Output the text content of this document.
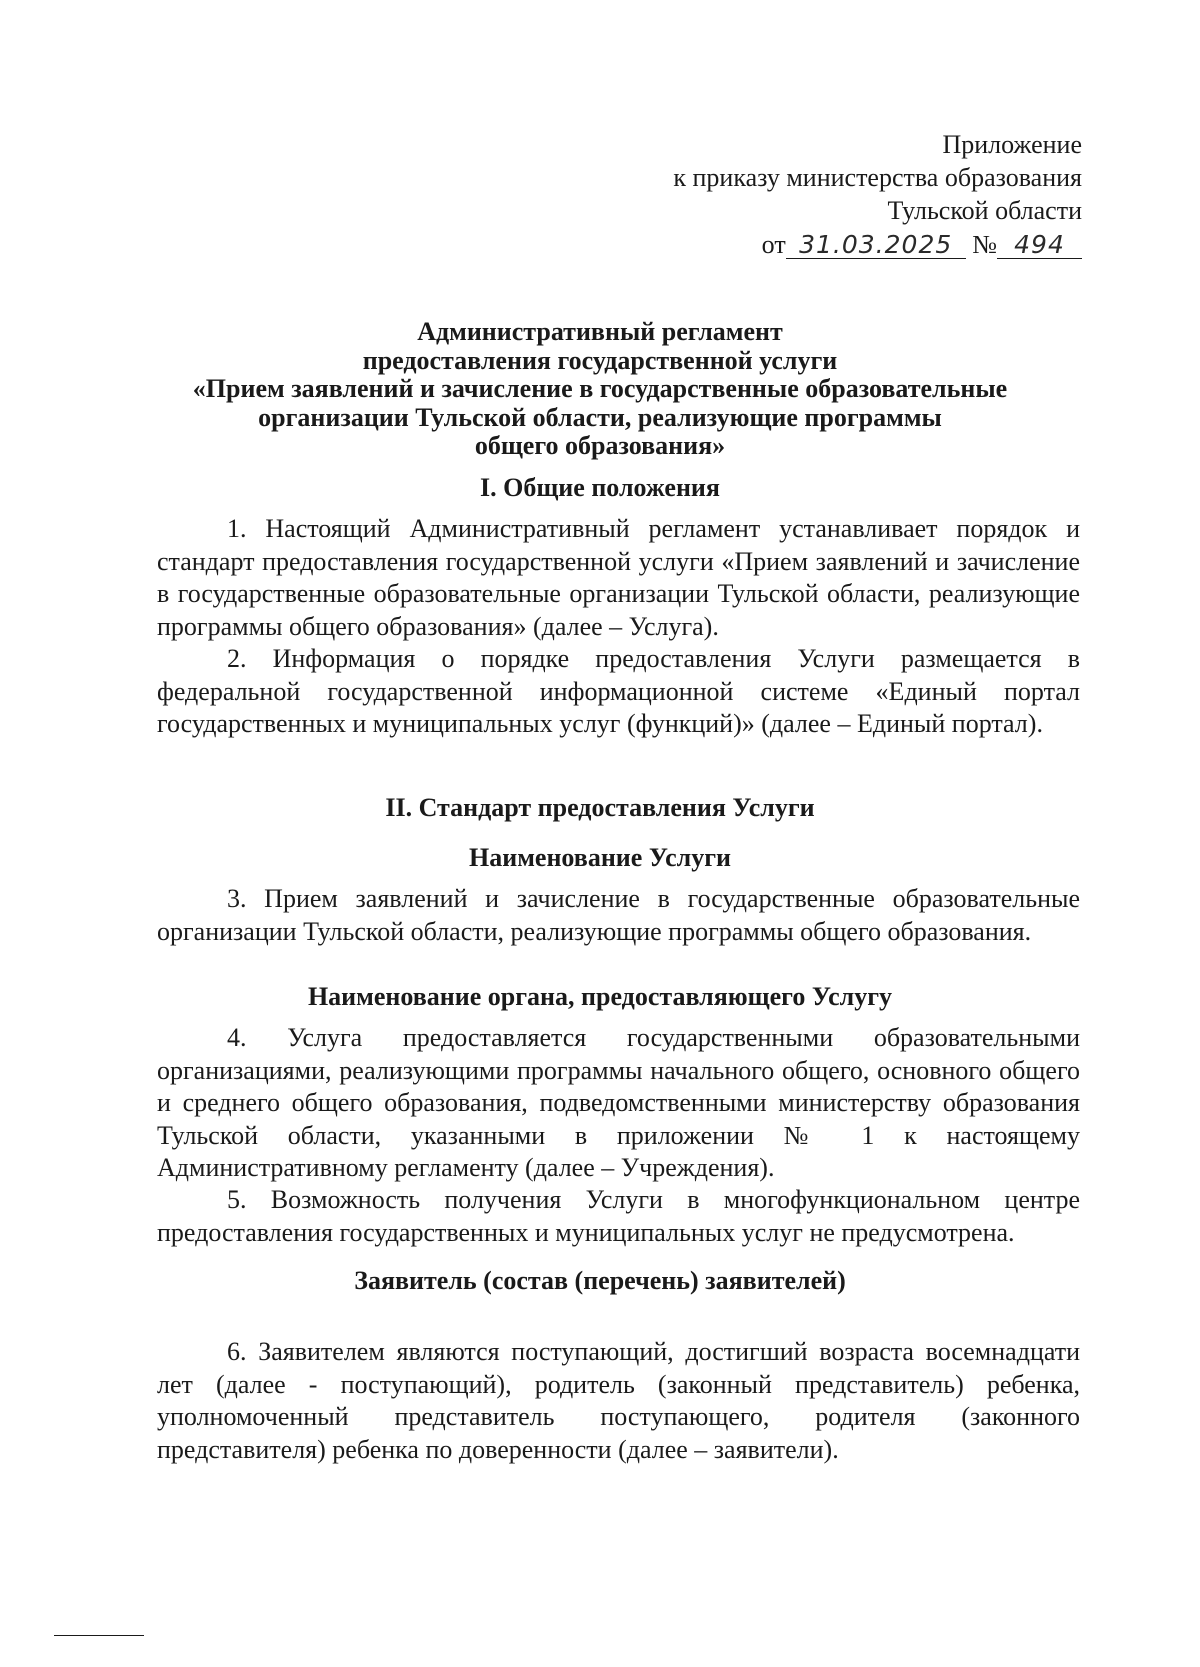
Приложение
к приказу министерства образования
Тульской области
от 31.03.2025 № 494
Административный регламент
предоставления государственной услуги
«Прием заявлений и зачисление в государственные образовательные
организации Тульской области, реализующие программы
общего образования»
I. Общие положения

1. Настоящий Административный регламент устанавливает порядок и стандарт предоставления государственной услуги «Прием заявлений и зачисление в государственные образовательные организации Тульской области, реализующие программы общего образования» (далее – Услуга).

2. Информация о порядке предоставления Услуги размещается в федеральной государственной информационной системе «Единый портал государственных и муниципальных услуг (функций)» (далее – Единый портал).

II. Стандарт предоставления Услуги
Наименование Услуги

3. Прием заявлений и зачисление в государственные образовательные организации Тульской области, реализующие программы общего образования.

Наименование органа, предоставляющего Услугу

4. Услуга предоставляется государственными образовательными организациями, реализующими программы начального общего, основного общего и среднего общего образования, подведомственными министерству образования Тульской области, указанными в приложении № 1 к настоящему Административному регламенту (далее – Учреждения).

5. Возможность получения Услуги в многофункциональном центре предоставления государственных и муниципальных услуг не предусмотрена.

Заявитель (состав (перечень) заявителей)

6. Заявителем являются поступающий, достигший возраста восемнадцати лет (далее - поступающий), родитель (законный представитель) ребенка, уполномоченный представитель поступающего, родителя (законного представителя) ребенка по доверенности (далее – заявители).
